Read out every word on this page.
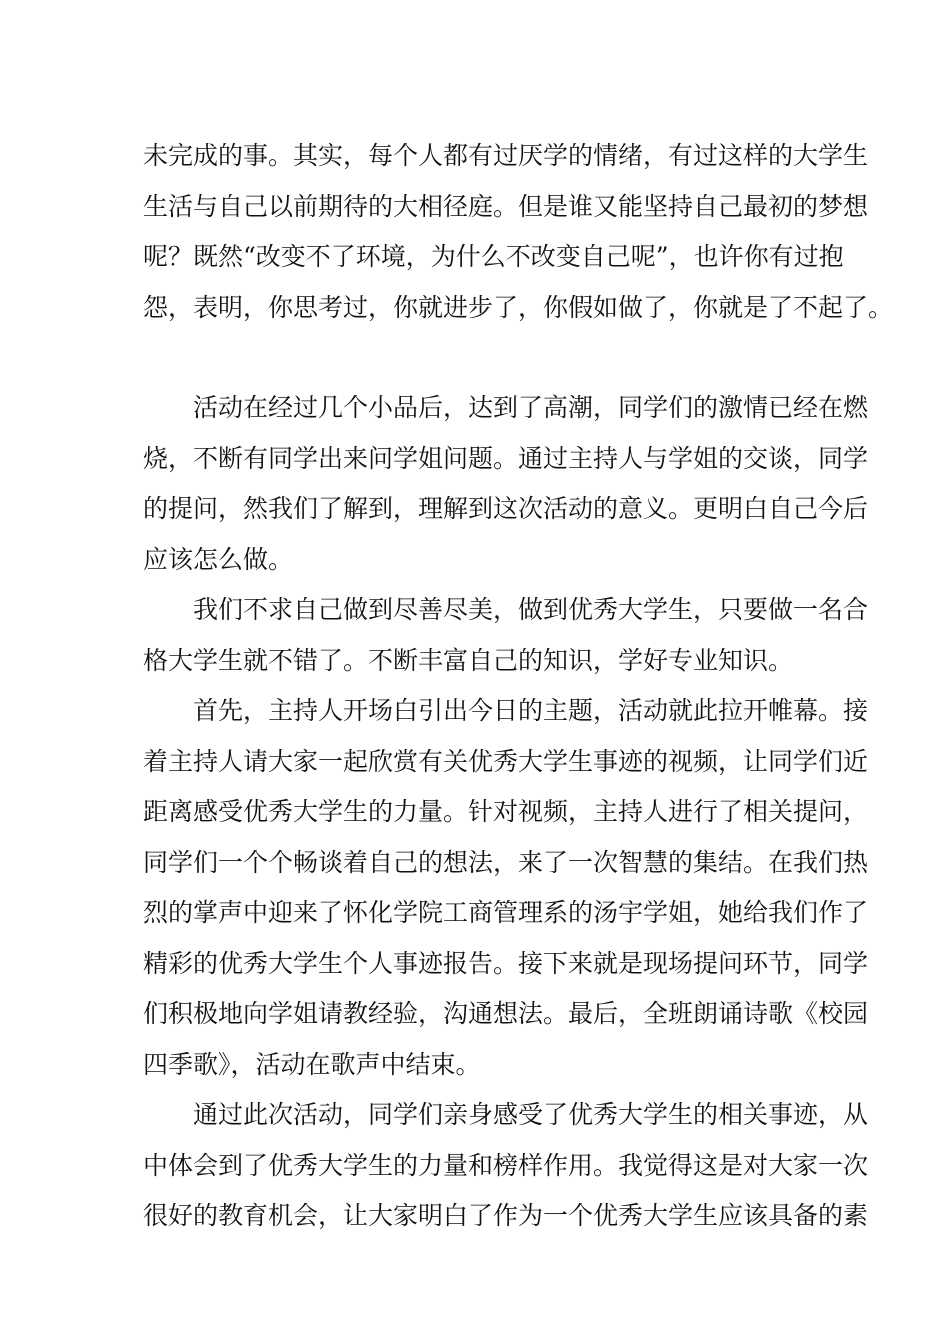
未完成的事。其实，每个人都有过厌学的情绪，有过这样的大学生
生活与自己以前期待的大相径庭。但是谁又能坚持自己最初的梦想
呢？既然“改变不了环境，为什么不改变自己呢”，也许你有过抱
怨，表明，你思考过，你就进步了，你假如做了，你就是了不起了。

活动在经过几个小品后，达到了高潮，同学们的激情已经在燃
烧，不断有同学出来问学姐问题。通过主持人与学姐的交谈，同学
的提问，然我们了解到，理解到这次活动的意义。更明白自己今后
应该怎么做。

我们不求自己做到尽善尽美，做到优秀大学生，只要做一名合
格大学生就不错了。不断丰富自己的知识，学好专业知识。

首先，主持人开场白引出今日的主题，活动就此拉开帷幕。接
着主持人请大家一起欣赏有关优秀大学生事迹的视频，让同学们近
距离感受优秀大学生的力量。针对视频，主持人进行了相关提问，
同学们一个个畅谈着自己的想法，来了一次智慧的集结。在我们热
烈的掌声中迎来了怀化学院工商管理系的汤宇学姐，她给我们作了
精彩的优秀大学生个人事迹报告。接下来就是现场提问环节，同学
们积极地向学姐请教经验，沟通想法。最后，全班朗诵诗歌《校园
四季歌》，活动在歌声中结束。

通过此次活动，同学们亲身感受了优秀大学生的相关事迹，从
中体会到了优秀大学生的力量和榜样作用。我觉得这是对大家一次
很好的教育机会，让大家明白了作为一个优秀大学生应该具备的素
